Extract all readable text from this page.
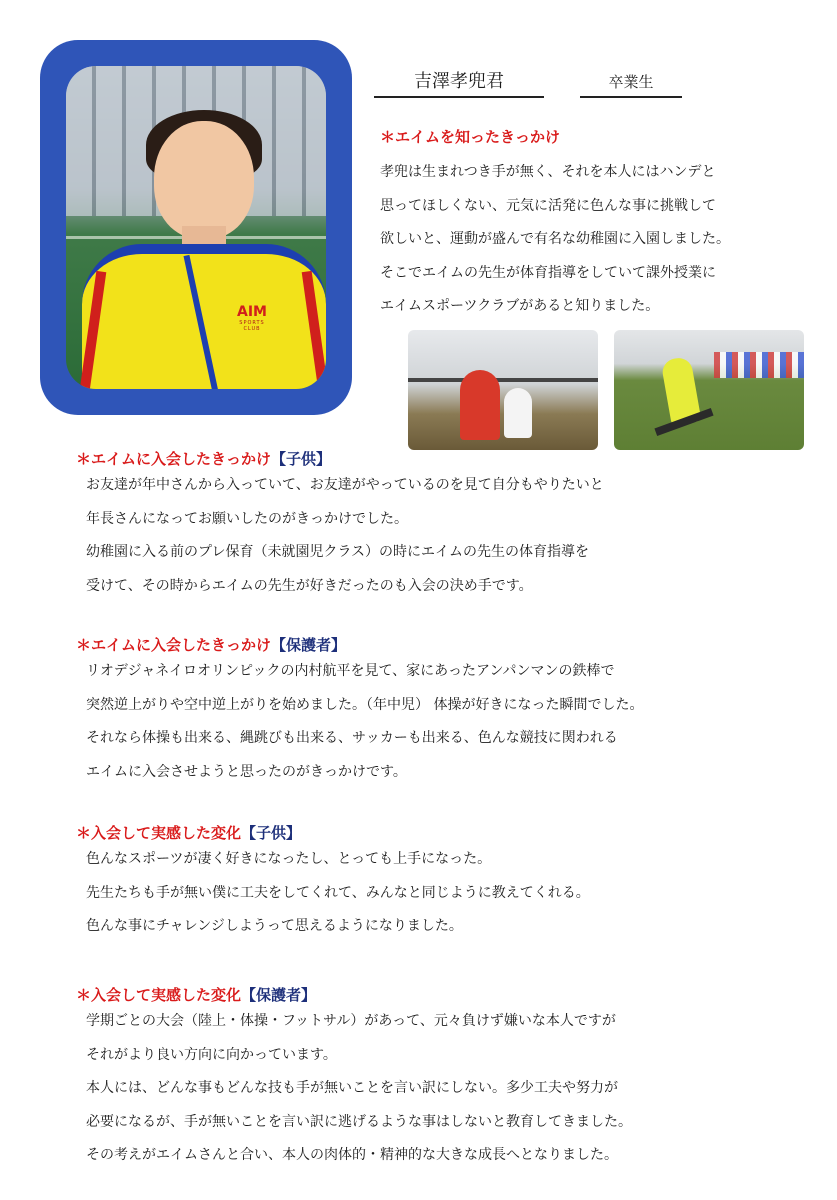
AIM
SPORTS CLUB
吉澤孝兜君	卒業生
＊エイムを知ったきっかけ
孝兜は生まれつき手が無く、それを本人にはハンデと
思ってほしくない、元気に活発に色んな事に挑戦して
欲しいと、運動が盛んで有名な幼稚園に入園しました。
そこでエイムの先生が体育指導をしていて課外授業に
エイムスポーツクラブがあると知りました。
＊エイムに入会したきっかけ【子供】
お友達が年中さんから入っていて、お友達がやっているのを見て自分もやりたいと
年長さんになってお願いしたのがきっかけでした。
幼稚園に入る前のプレ保育（未就園児クラス）の時にエイムの先生の体育指導を
受けて、その時からエイムの先生が好きだったのも入会の決め手です。
＊エイムに入会したきっかけ【保護者】
リオデジャネイロオリンピックの内村航平を見て、家にあったアンパンマンの鉄棒で
突然逆上がりや空中逆上がりを始めました。（年中児） 体操が好きになった瞬間でした。
それなら体操も出来る、縄跳びも出来る、サッカーも出来る、色んな競技に関われる
エイムに入会させようと思ったのがきっかけです。
＊入会して実感した変化【子供】
色んなスポーツが凄く好きになったし、とっても上手になった。
先生たちも手が無い僕に工夫をしてくれて、みんなと同じように教えてくれる。
色んな事にチャレンジしようって思えるようになりました。
＊入会して実感した変化【保護者】
学期ごとの大会（陸上・体操・フットサル）があって、元々負けず嫌いな本人ですが
それがより良い方向に向かっています。
本人には、どんな事もどんな技も手が無いことを言い訳にしない。多少工夫や努力が
必要になるが、手が無いことを言い訳に逃げるような事はしないと教育してきました。
その考えがエイムさんと合い、本人の肉体的・精神的な大きな成長へとなりました。
